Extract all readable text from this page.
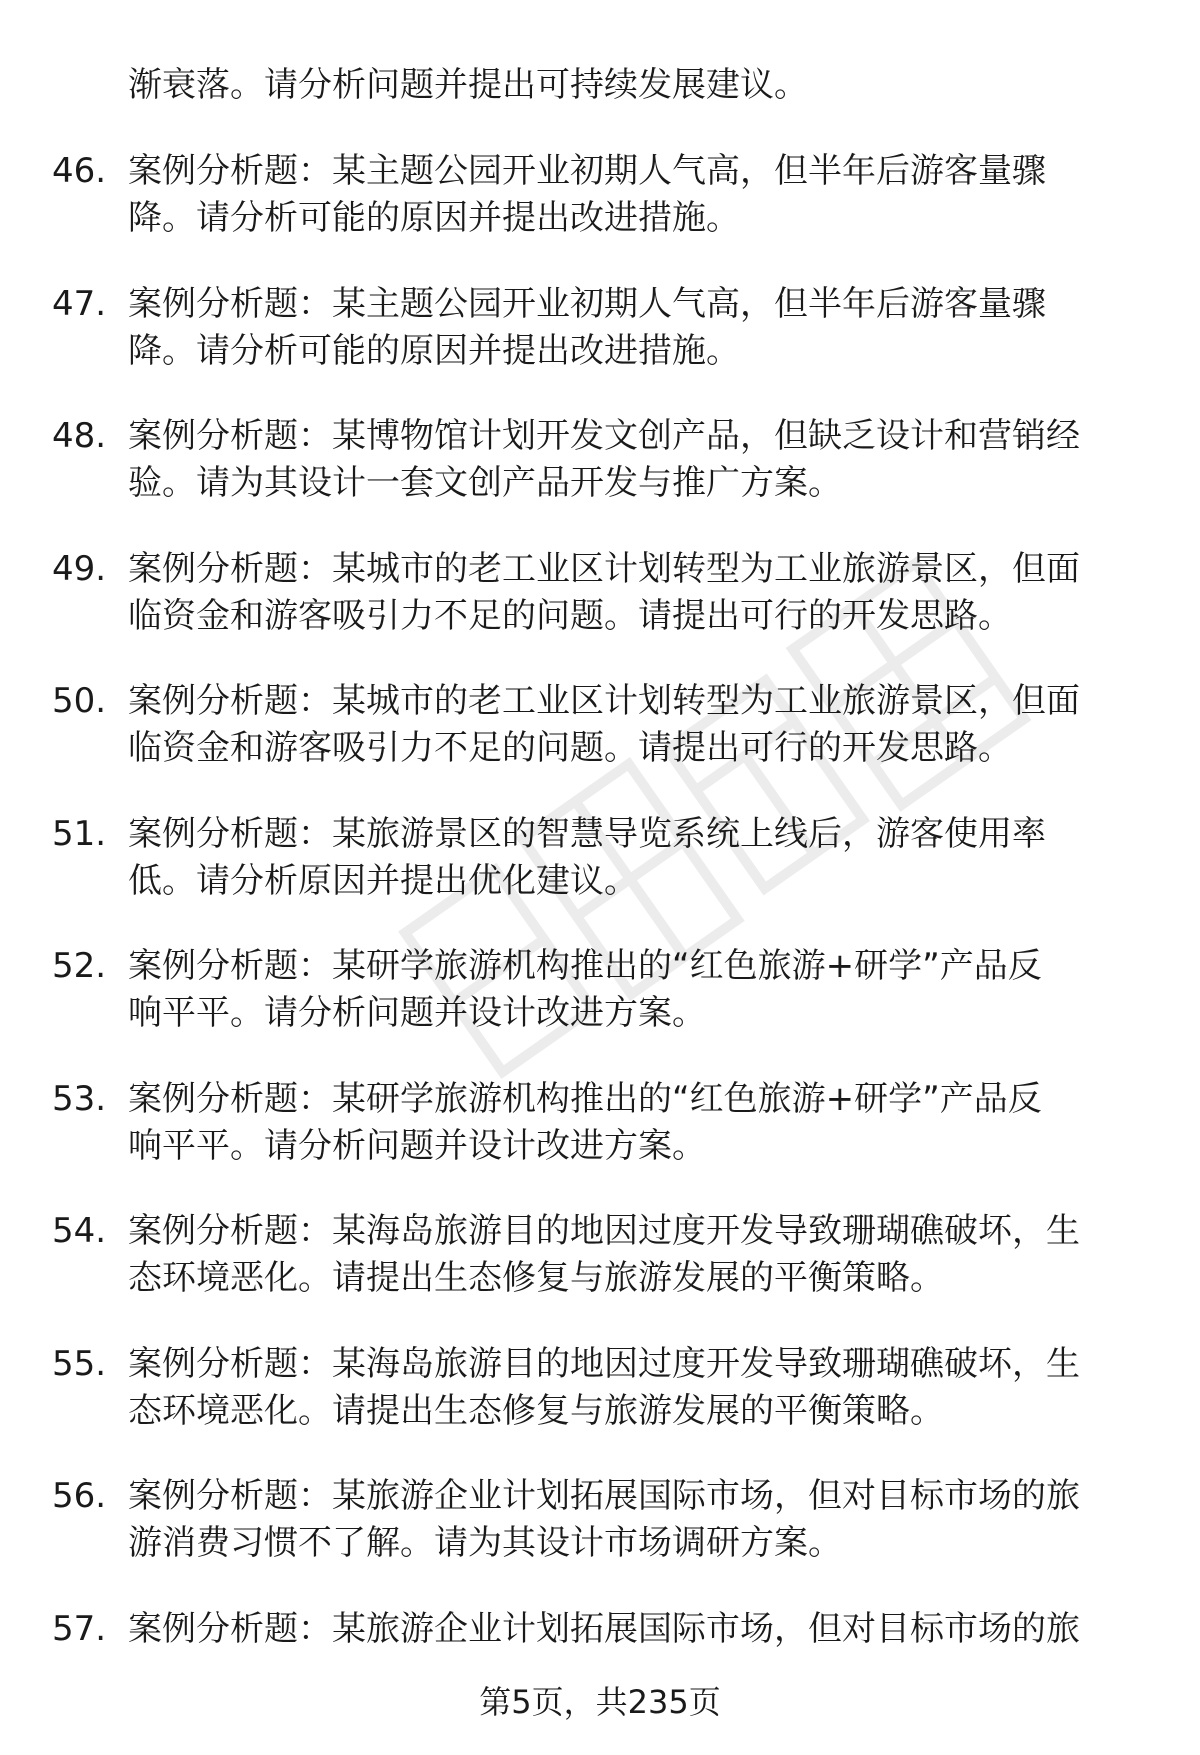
渐衰落。请分析问题并提出可持续发展建议。

46. 案例分析题：某主题公园开业初期人气高，但半年后游客量骤
降。请分析可能的原因并提出改进措施。

47. 案例分析题：某主题公园开业初期人气高，但半年后游客量骤
降。请分析可能的原因并提出改进措施。

48. 案例分析题：某博物馆计划开发文创产品，但缺乏设计和营销经
验。请为其设计一套文创产品开发与推广方案。

49. 案例分析题：某城市的老工业区计划转型为工业旅游景区，但面
临资金和游客吸引力不足的问题。请提出可行的开发思路。

50. 案例分析题：某城市的老工业区计划转型为工业旅游景区，但面
临资金和游客吸引力不足的问题。请提出可行的开发思路。

51. 案例分析题：某旅游景区的智慧导览系统上线后，游客使用率
低。请分析原因并提出优化建议。

52. 案例分析题：某研学旅游机构推出的“红色旅游+研学”产品反
响平平。请分析问题并设计改进方案。

53. 案例分析题：某研学旅游机构推出的“红色旅游+研学”产品反
响平平。请分析问题并设计改进方案。

54. 案例分析题：某海岛旅游目的地因过度开发导致珊瑚礁破坏，生
态环境恶化。请提出生态修复与旅游发展的平衡策略。

55. 案例分析题：某海岛旅游目的地因过度开发导致珊瑚礁破坏，生
态环境恶化。请提出生态修复与旅游发展的平衡策略。

56. 案例分析题：某旅游企业计划拓展国际市场，但对目标市场的旅
游消费习惯不了解。请为其设计市场调研方案。

57. 案例分析题：某旅游企业计划拓展国际市场，但对目标市场的旅

第5页，共235页
